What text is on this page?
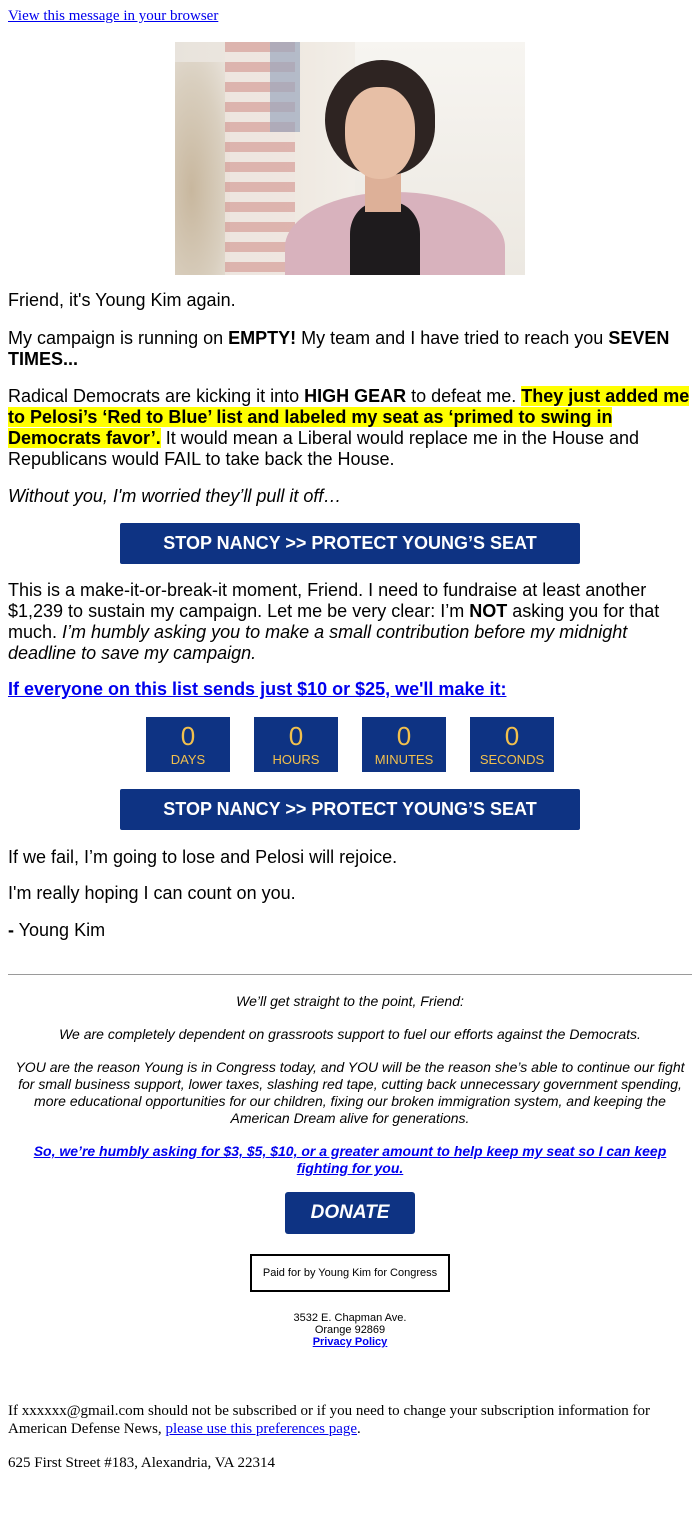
View this message in your browser
Friend, it's Young Kim again.
My campaign is running on EMPTY! My team and I have tried to reach you SEVEN TIMES...
Radical Democrats are kicking it into HIGH GEAR to defeat me. They just added me to Pelosi’s ‘Red to Blue’ list and labeled my seat as ‘primed to swing in Democrats favor’. It would mean a Liberal would replace me in the House and Republicans would FAIL to take back the House.
Without you, I'm worried they’ll pull it off…
STOP NANCY >> PROTECT YOUNG’S SEAT
This is a make-it-or-break-it moment, Friend. I need to fundraise at least another $1,239 to sustain my campaign. Let me be very clear: I’m NOT asking you for that much. I’m humbly asking you to make a small contribution before my midnight deadline to save my campaign.
If everyone on this list sends just $10 or $25, we'll make it:
0
DAYS
0
HOURS
0
MINUTES
0
SECONDS
STOP NANCY >> PROTECT YOUNG’S SEAT
If we fail, I’m going to lose and Pelosi will rejoice.
I'm really hoping I can count on you.
- Young Kim
We’ll get straight to the point, Friend:
We are completely dependent on grassroots support to fuel our efforts against the Democrats.
YOU are the reason Young is in Congress today, and YOU will be the reason she’s able to continue our fight for small business support, lower taxes, slashing red tape, cutting back unnecessary government spending, more educational opportunities for our children, fixing our broken immigration system, and keeping the American Dream alive for generations.
So, we’re humbly asking for $3, $5, $10, or a greater amount to help keep my seat so I can keep fighting for you.
DONATE
Paid for by Young Kim for Congress
3532 E. Chapman Ave.
Orange 92869
Privacy Policy
If xxxxxx@gmail.com should not be subscribed or if you need to change your subscription information for American Defense News, please use this preferences page.
625 First Street #183, Alexandria, VA 22314
